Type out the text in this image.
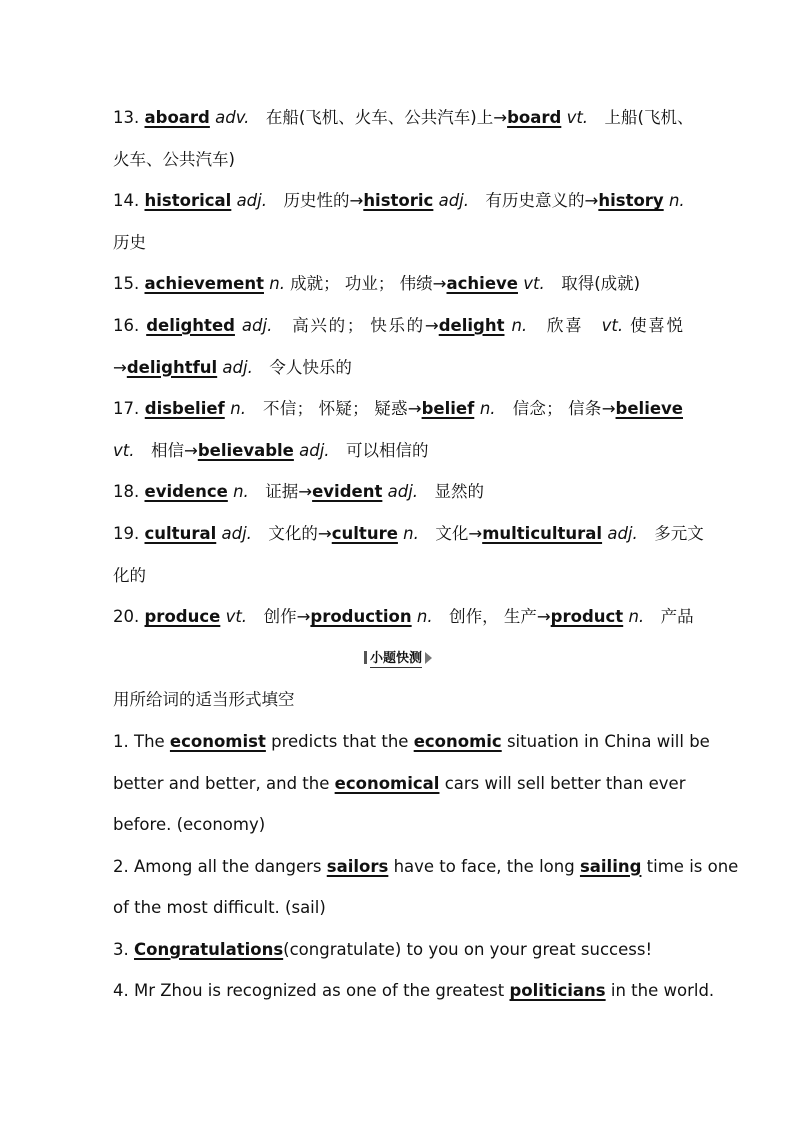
13. aboard adv.　在船(飞机、火车、公共汽车)上→board vt.　上船(飞机、
火车、公共汽车)
14. historical adj.　历史性的→historic adj.　有历史意义的→history n.
历史
15. achievement n. 成就； 功业； 伟绩→achieve vt.　取得(成就)
16. delighted adj.　高兴的； 快乐的→delight n.　欣喜　vt. 使喜悦
→delightful adj.　令人快乐的
17. disbelief n.　不信； 怀疑； 疑惑→belief n.　信念； 信条→believe
vt.　相信→believable adj.　可以相信的
18. evidence n.　证据→evident adj.　显然的
19. cultural adj.　文化的→culture n.　文化→multicultural adj.　多元文
化的
20. produce vt.　创作→production n.　创作， 生产→product n.　产品
小题快测
用所给词的适当形式填空
1. The economist predicts that the economic situation in China will be
better and better, and the economical cars will sell better than ever
before. (economy)
2. Among all the dangers sailors have to face, the long sailing time is one
of the most difficult. (sail)
3. Congratulations(congratulate) to you on your great success!
4. Mr Zhou is recognized as one of the greatest politicians in the world.
